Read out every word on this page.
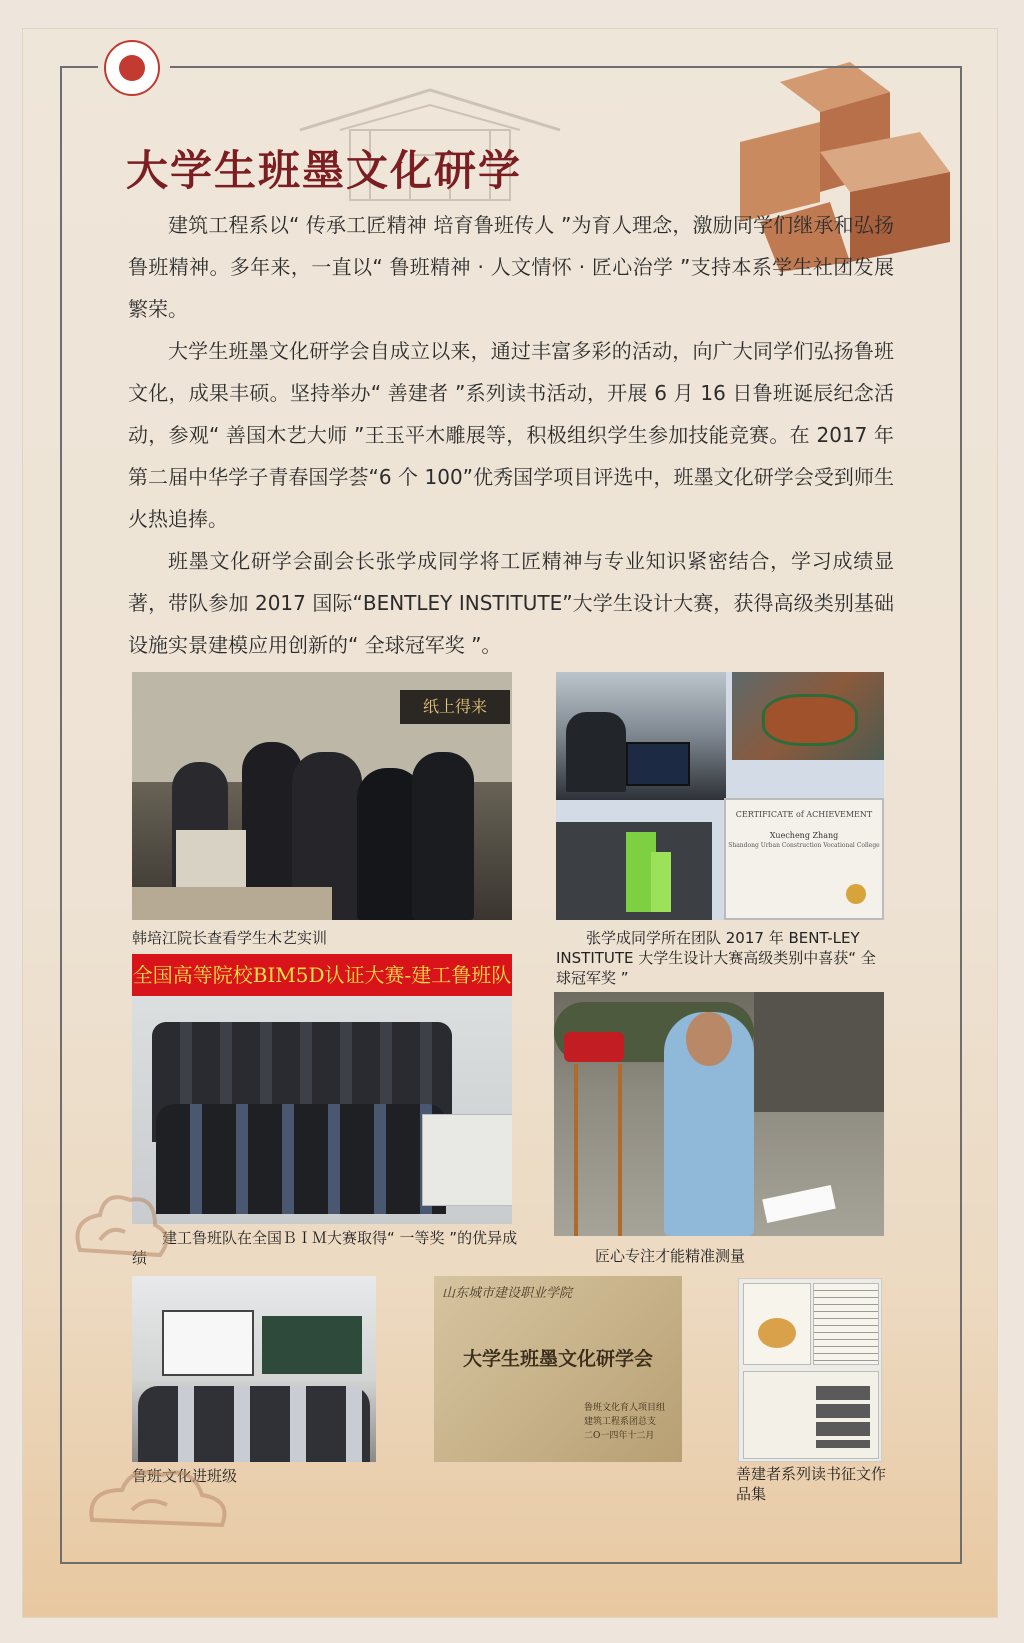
大学生班墨文化研学

建筑工程系以“ 传承工匠精神 培育鲁班传人 ”为育人理念，激励同学们继承和弘扬鲁班精神。多年来，一直以“ 鲁班精神 · 人文情怀 · 匠心治学 ”支持本系学生社团发展繁荣。

大学生班墨文化研学会自成立以来，通过丰富多彩的活动，向广大同学们弘扬鲁班文化，成果丰硕。坚持举办“ 善建者 ”系列读书活动，开展 6 月 16 日鲁班诞辰纪念活动，参观“ 善国木艺大师 ”王玉平木雕展等，积极组织学生参加技能竞赛。在 2017 年第二届中华学子青春国学荟“6 个 100”优秀国学项目评选中，班墨文化研学会受到师生火热追捧。

班墨文化研学会副会长张学成同学将工匠精神与专业知识紧密结合，学习成绩显著，带队参加 2017 国际“BENTLEY INSTITUTE”大学生设计大赛，获得高级类别基础设施实景建模应用创新的“ 全球冠军奖 ”。

纸上得来

韩培江院长查看学生木艺实训

CERTIFICATE of ACHIEVEMENT
Xuecheng Zhang
Shandong Urban Construction Vocational College

张学成同学所在团队 2017 年 BENT-LEY INSTITUTE 大学生设计大赛高级类别中喜获“ 全球冠军奖 ”

全国高等院校BIM5D认证大赛-建工鲁班队

建工鲁班队在全国ＢＩＭ大赛取得“ 一等奖 ”的优异成绩	匠心专注才能精准测量

鲁班文化进班级

山东城市建设职业学院
大学生班墨文化研学会
鲁班文化育人项目组
建筑工程系团总支
二O一四年十二月

善建者系列读书征文作品集
